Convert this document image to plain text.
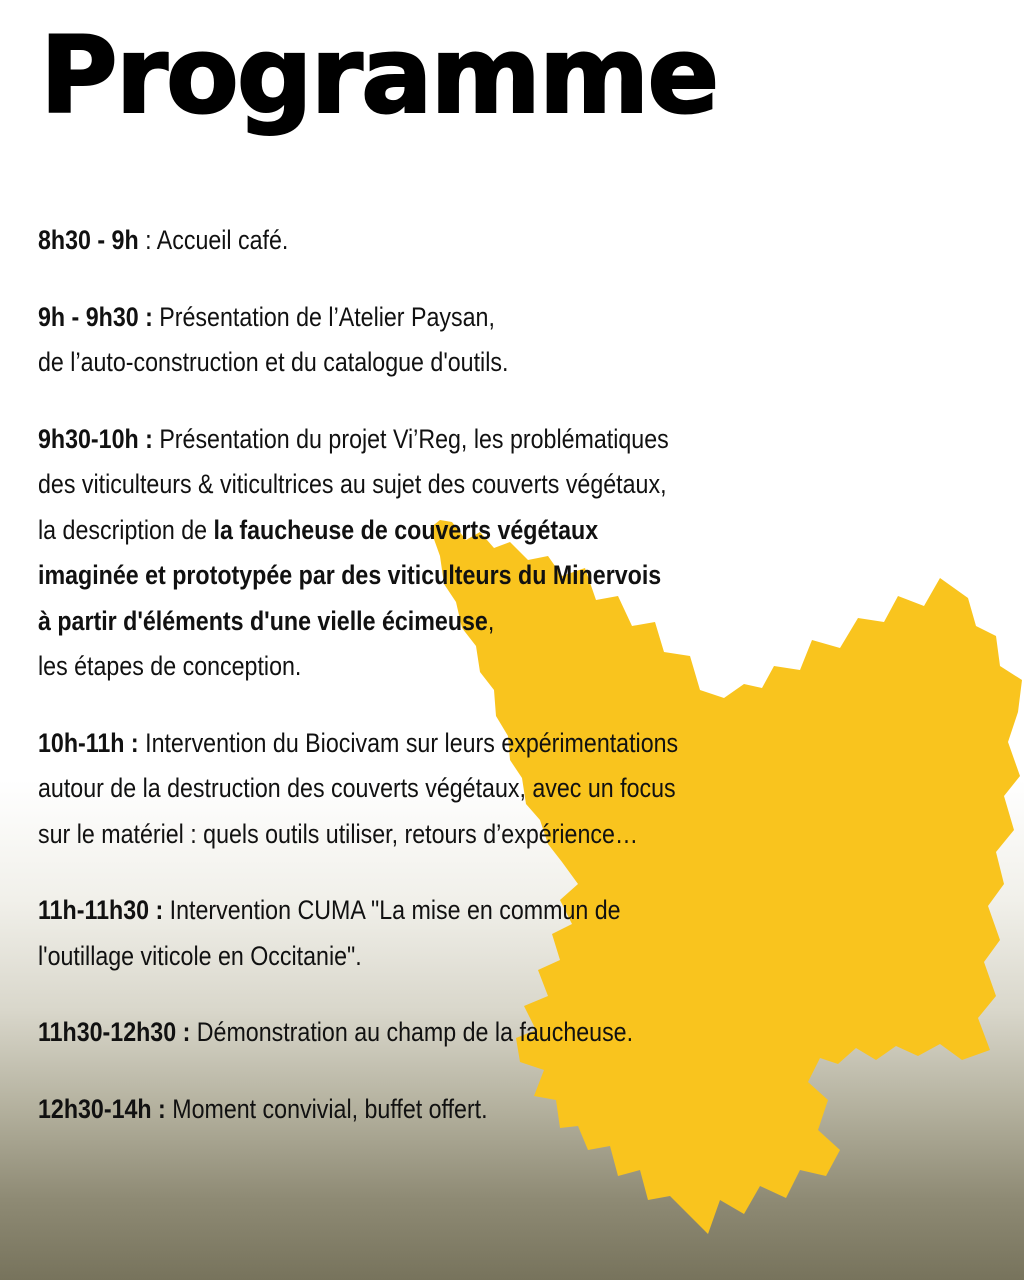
Programme
8h30 - 9h : Accueil café.
9h - 9h30 : Présentation de l’Atelier Paysan,
de l’auto-construction et du catalogue d'outils.
9h30-10h : Présentation du projet Vi’Reg, les problématiques
des viticulteurs & viticultrices au sujet des couverts végétaux,
la description de la faucheuse de couverts végétaux
imaginée et prototypée par des viticulteurs du Minervois
à partir d'éléments d'une vielle écimeuse,
les étapes de conception.
10h-11h : Intervention du Biocivam sur leurs expérimentations
autour de la destruction des couverts végétaux, avec un focus
sur le matériel : quels outils utiliser, retours d’expérience…
11h-11h30 : Intervention CUMA "La mise en commun de
l'outillage viticole en Occitanie".
11h30-12h30 : Démonstration au champ de la faucheuse.
12h30-14h : Moment convivial, buffet offert.
